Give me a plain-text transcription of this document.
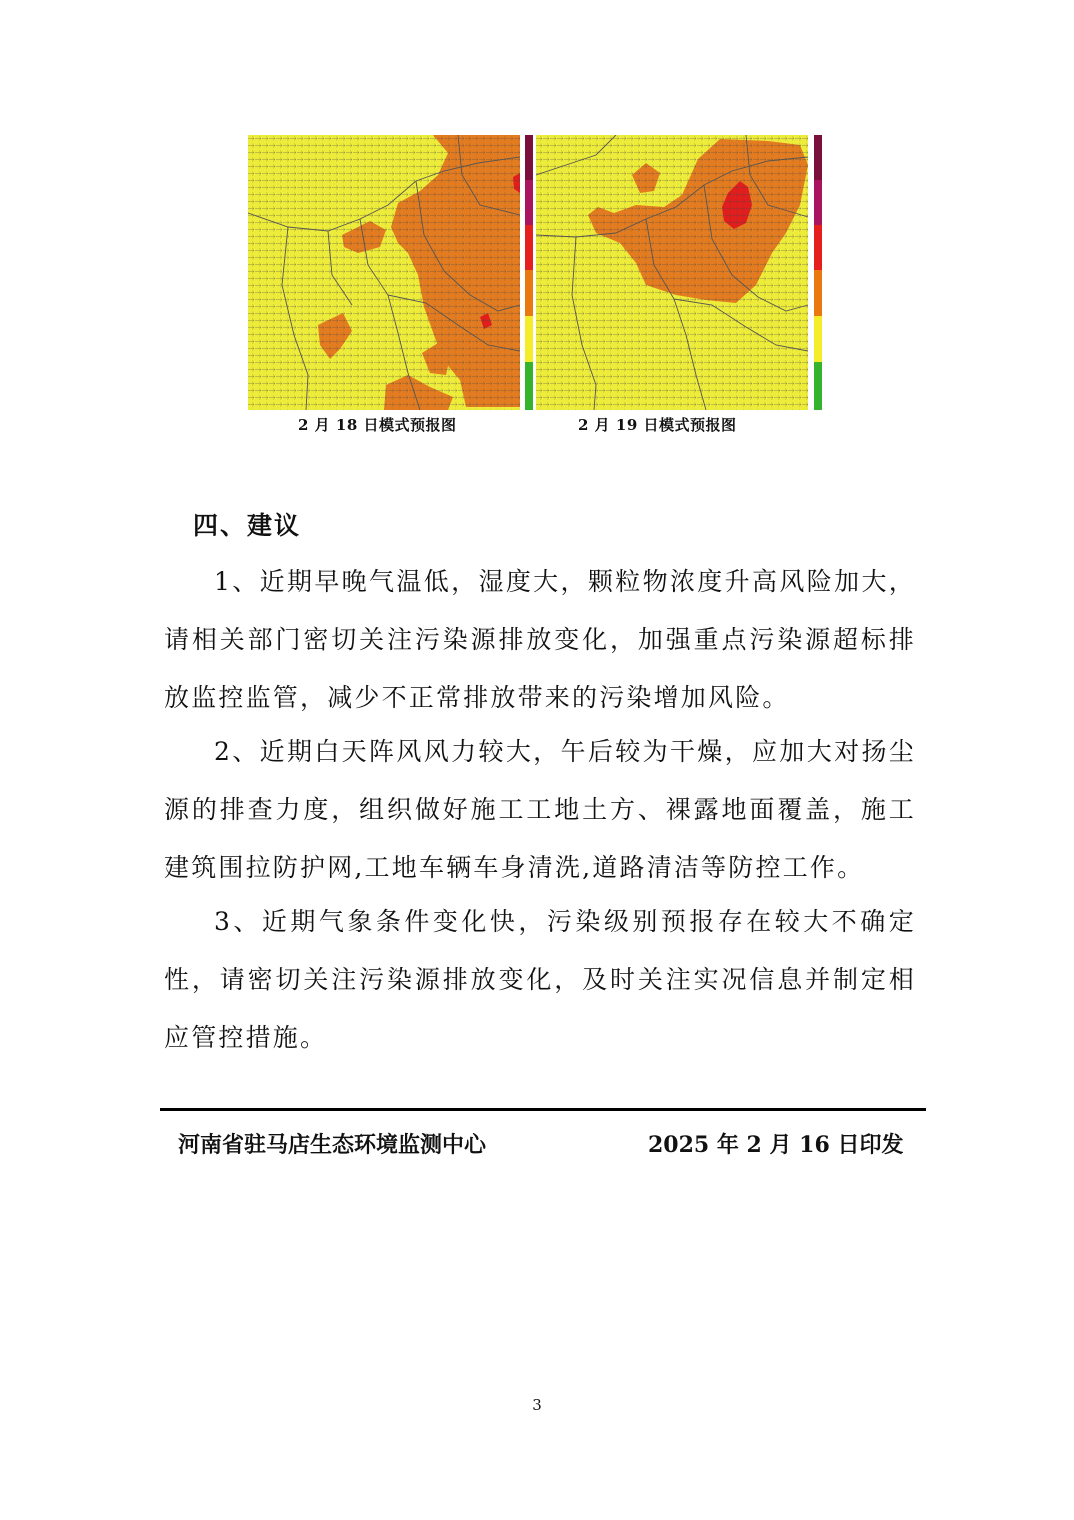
2 月 18 日模式预报图	2 月 19 日模式预报图
四、建议

1、近期早晚气温低，湿度大，颗粒物浓度升高风险加大，请相关部门密切关注污染源排放变化，加强重点污染源超标排放监控监管，减少不正常排放带来的污染增加风险。

2、近期白天阵风风力较大，午后较为干燥，应加大对扬尘源的排查力度，组织做好施工工地土方、裸露地面覆盖，施工建筑围拉防护网,工地车辆车身清洗,道路清洁等防控工作。

3、近期气象条件变化快，污染级别预报存在较大不确定性，请密切关注污染源排放变化，及时关注实况信息并制定相应管控措施。

河南省驻马店生态环境监测中心	2025 年 2 月 16 日印发
3
